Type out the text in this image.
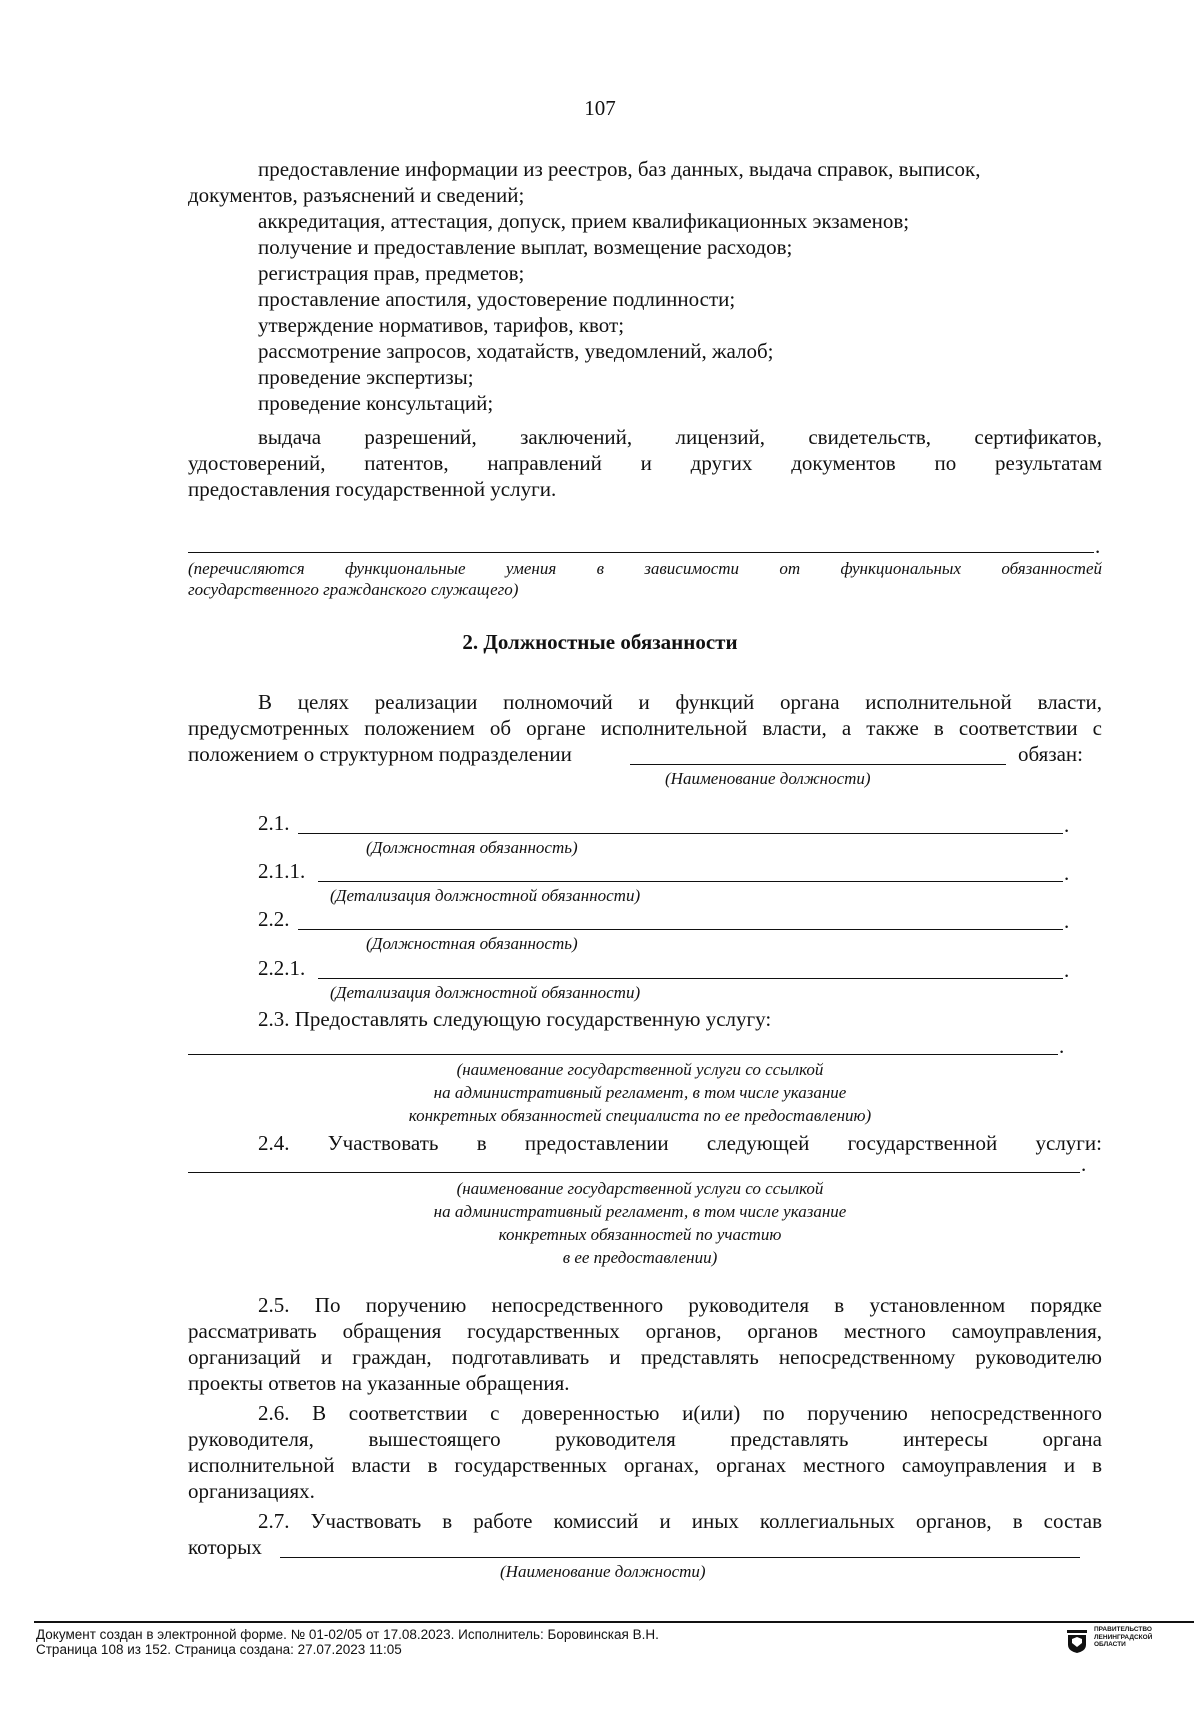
107
предоставление информации из реестров, баз данных, выдача справок, выписок,
документов, разъяснений и сведений;
аккредитация, аттестация, допуск, прием квалификационных экзаменов;
получение и предоставление выплат, возмещение расходов;
регистрация прав, предметов;
проставление апостиля, удостоверение подлинности;
утверждение нормативов, тарифов, квот;
рассмотрение запросов, ходатайств, уведомлений, жалоб;
проведение экспертизы;
проведение консультаций;
выдача разрешений, заключений, лицензий, свидетельств, сертификатов,
удостоверений, патентов, направлений и других документов по результатам
предоставления государственной услуги.
.
(перечисляются функциональные умения в зависимости от функциональных обязанностей
государственного гражданского служащего)
2. Должностные обязанности
В целях реализации полномочий и функций органа исполнительной власти,
предусмотренных положением об органе исполнительной власти, а также в соответствии с
положением о структурном подразделении	обязан:
(Наименование должности)
2.1.	.
(Должностная обязанность)
2.1.1.	.
(Детализация должностной обязанности)
2.2.	.
(Должностная обязанность)
2.2.1.	.
(Детализация должностной обязанности)
2.3. Предоставлять следующую государственную услугу:
.
(наименование государственной услуги со ссылкой
на административный регламент, в том числе указание
конкретных обязанностей специалиста по ее предоставлению)
2.4. Участвовать в предоставлении следующей государственной услуги:
.
(наименование государственной услуги со ссылкой
на административный регламент, в том числе указание
конкретных обязанностей по участию
в ее предоставлении)
2.5. По поручению непосредственного руководителя в установленном порядке
рассматривать обращения государственных органов, органов местного самоуправления,
организаций и граждан, подготавливать и представлять непосредственному руководителю
проекты ответов на указанные обращения.
2.6. В соответствии с доверенностью и(или) по поручению непосредственного
руководителя, вышестоящего руководителя представлять интересы органа
исполнительной власти в государственных органах, органах местного самоуправления и в
организациях.
2.7. Участвовать в работе комиссий и иных коллегиальных органов, в состав
которых
(Наименование должности)
Документ создан в электронной форме. № 01-02/05 от 17.08.2023. Исполнитель: Боровинская В.Н.
Страница 108 из 152. Страница создана: 27.07.2023 11:05
ПРАВИТЕЛЬСТВО
ЛЕНИНГРАДСКОЙ
ОБЛАСТИ
